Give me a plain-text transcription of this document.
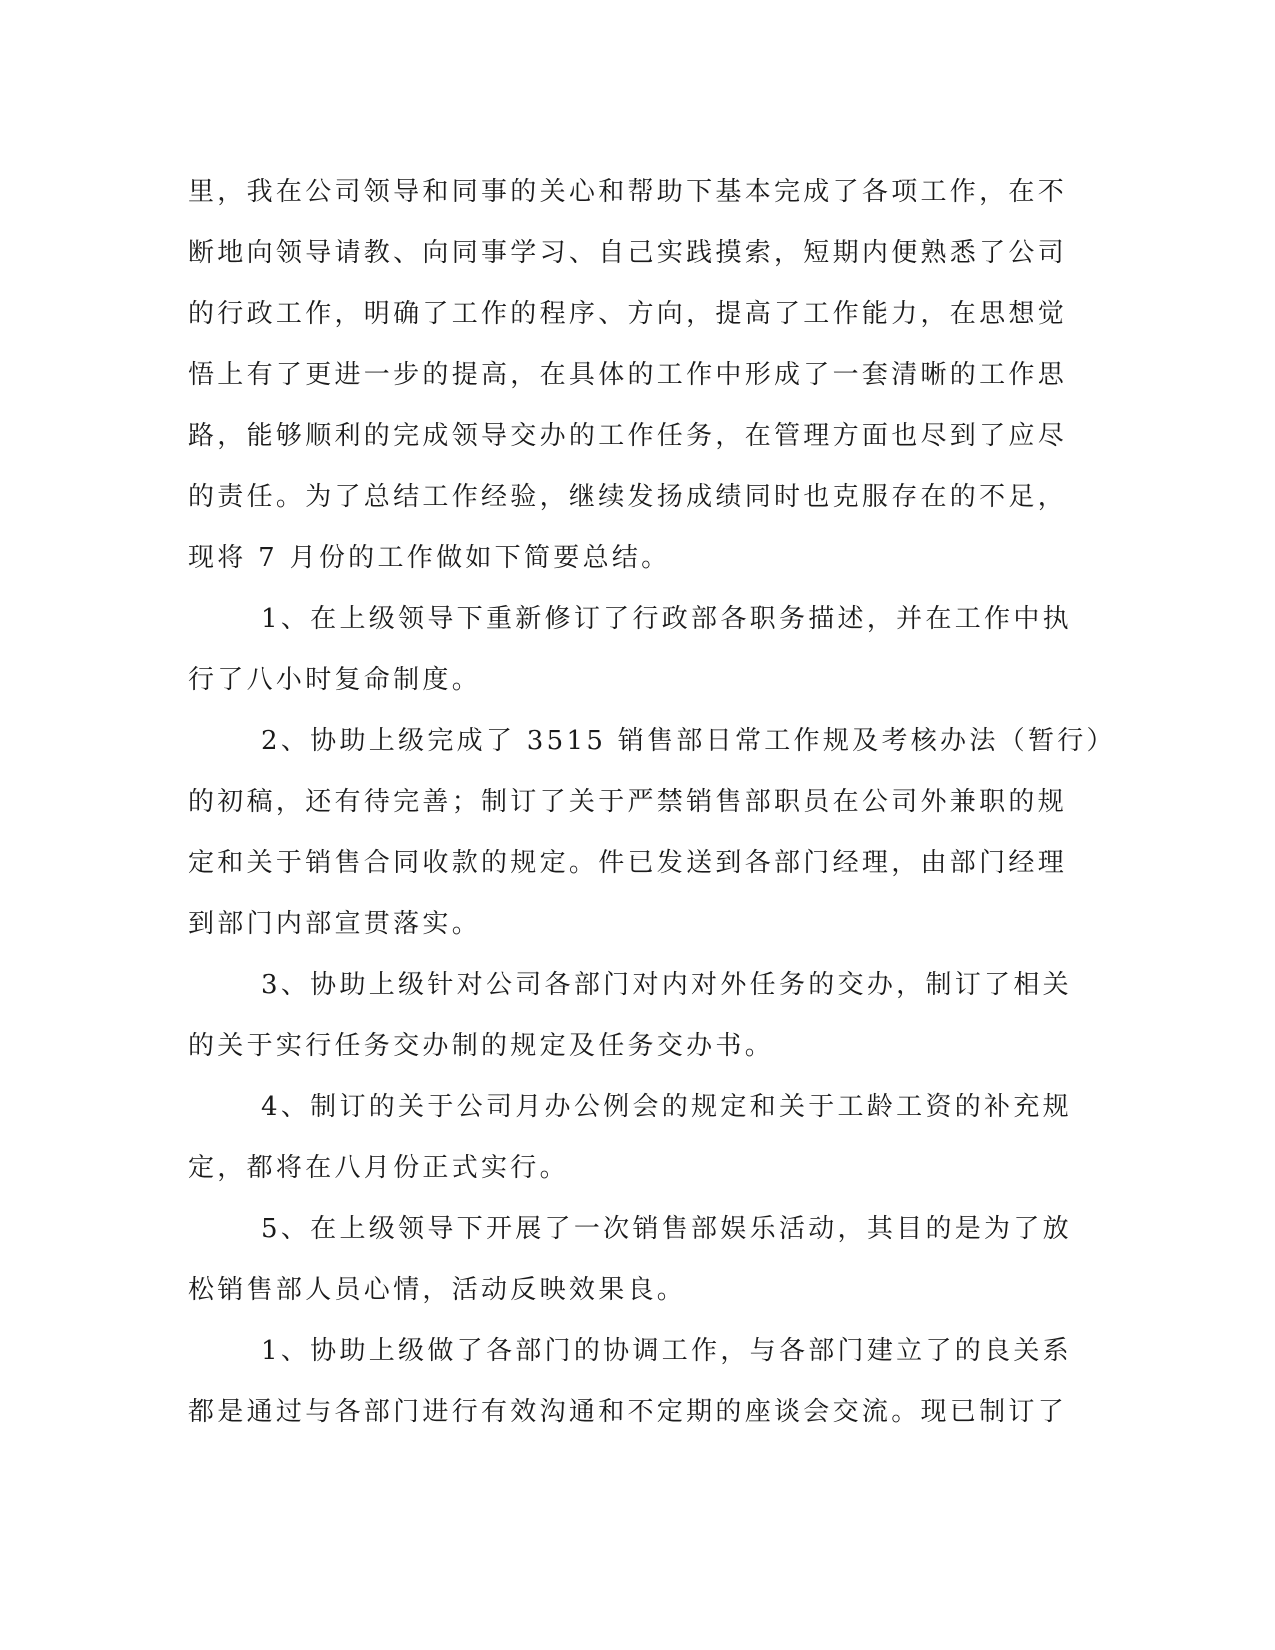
里，我在公司领导和同事的关心和帮助下基本完成了各项工作，在不
断地向领导请教、向同事学习、自己实践摸索，短期内便熟悉了公司
的行政工作，明确了工作的程序、方向，提高了工作能力，在思想觉
悟上有了更进一步的提高，在具体的工作中形成了一套清晰的工作思
路，能够顺利的完成领导交办的工作任务，在管理方面也尽到了应尽
的责任。为了总结工作经验，继续发扬成绩同时也克服存在的不足，
现将 7 月份的工作做如下简要总结。
1、在上级领导下重新修订了行政部各职务描述，并在工作中执
行了八小时复命制度。
2、协助上级完成了 3515 销售部日常工作规及考核办法（暂行）
的初稿，还有待完善；制订了关于严禁销售部职员在公司外兼职的规
定和关于销售合同收款的规定。件已发送到各部门经理，由部门经理
到部门内部宣贯落实。
3、协助上级针对公司各部门对内对外任务的交办，制订了相关
的关于实行任务交办制的规定及任务交办书。
4、制订的关于公司月办公例会的规定和关于工龄工资的补充规
定，都将在八月份正式实行。
5、在上级领导下开展了一次销售部娱乐活动，其目的是为了放
松销售部人员心情，活动反映效果良。
1、协助上级做了各部门的协调工作，与各部门建立了的良关系
都是通过与各部门进行有效沟通和不定期的座谈会交流。现已制订了
